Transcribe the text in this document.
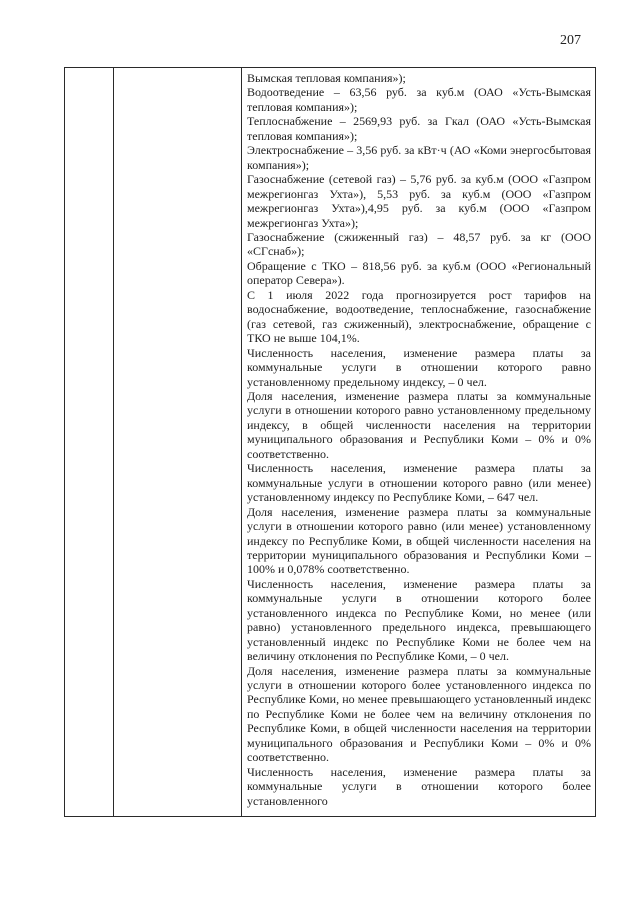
207

Вымская тепловая компания»);

Водоотведение – 63,56 руб. за куб.м (ОАО «Усть-Вымская тепловая компания»);

Теплоснабжение – 2569,93 руб. за Гкал (ОАО «Усть-Вымская тепловая компания»);

Электроснабжение – 3,56 руб. за кВт·ч (АО «Коми энергосбытовая компания»);

Газоснабжение (сетевой газ) – 5,76 руб. за куб.м (ООО «Газпром межрегионгаз Ухта»), 5,53 руб. за куб.м (ООО «Газпром межрегионгаз Ухта»),4,95 руб. за куб.м (ООО «Газпром межрегионгаз Ухта»);

Газоснабжение (сжиженный газ) – 48,57 руб. за кг (ООО «СГснаб»);

Обращение с ТКО – 818,56 руб. за куб.м (ООО «Региональный оператор Севера»).

С 1 июля 2022 года прогнозируется рост тарифов на водоснабжение, водоотведение, теплоснабжение, газоснабжение (газ сетевой, газ сжиженный), электроснабжение, обращение с ТКО не выше 104,1%.

Численность населения, изменение размера платы за коммунальные услуги в отношении которого равно установленному предельному индексу, – 0 чел.

Доля населения, изменение размера платы за коммунальные услуги в отношении которого равно установленному предельному индексу, в общей численности населения на территории муниципального образования и Республики Коми – 0% и 0% соответственно.

Численность населения, изменение размера платы за коммунальные услуги в отношении которого равно (или менее) установленному индексу по Республике Коми, – 647 чел.

Доля населения, изменение размера платы за коммунальные услуги в отношении которого равно (или менее) установленному индексу по Республике Коми, в общей численности населения на территории муниципального образования и Республики Коми – 100% и 0,078% соответственно.

Численность населения, изменение размера платы за коммунальные услуги в отношении которого более установленного индекса по Республике Коми, но менее (или равно) установленного предельного индекса, превышающего установленный индекс по Республике Коми не более чем на величину отклонения по Республике Коми, – 0 чел.

Доля населения, изменение размера платы за коммунальные услуги в отношении которого более установленного индекса по Республике Коми, но менее превышающего установленный индекс по Республике Коми не более чем на величину отклонения по Республике Коми, в общей численности населения на территории муниципального образования и Республики Коми – 0% и 0% соответственно.

Численность населения, изменение размера платы за коммунальные услуги в отношении которого более установленного
